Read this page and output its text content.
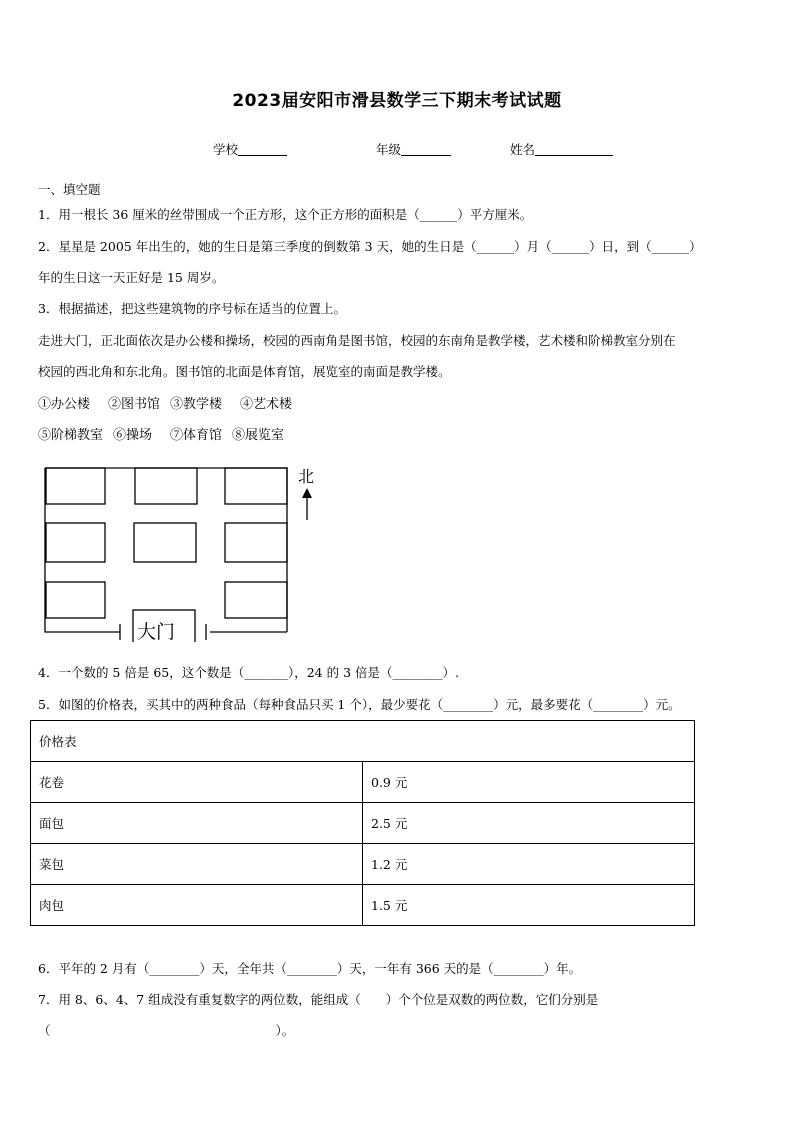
2023届安阳市滑县数学三下期末考试试题
学校	年级	姓名
一、填空题
1．用一根长 36 厘米的丝带围成一个正方形，这个正方形的面积是（______）平方厘米。
2．星星是 2005 年出生的，她的生日是第三季度的倒数第 3 天，她的生日是（______）月（______）日，到（______）
年的生日这一天正好是 15 周岁。
3．根据描述，把这些建筑物的序号标在适当的位置上。
走进大门，正北面依次是办公楼和操场，校园的西南角是图书馆，校园的东南角是教学楼，艺术楼和阶梯教室分别在
校园的西北角和东北角。图书馆的北面是体育馆，展览室的南面是教学楼。
①办公楼 ②图书馆 ③教学楼 ④艺术楼
⑤阶梯教室 ⑥操场 ⑦体育馆 ⑧展览室
北
大门
4．一个数的 5 倍是 65，这个数是（_______），24 的 3 倍是（________）.
5．如图的价格表，买其中的两种食品（每种食品只买 1 个），最少要花（________）元，最多要花（________）元。
价格表	
花卷	0.9 元
面包	2.5 元
菜包	1.2 元
肉包	1.5 元
6．平年的 2 月有（________）天，全年共（________）天，一年有 366 天的是（________）年。
7．用 8、6、4、7 组成没有重复数字的两位数，能组成（　　）个个位是双数的两位数，它们分别是
（　　　　　　　　　　　　　　　　　　）。
